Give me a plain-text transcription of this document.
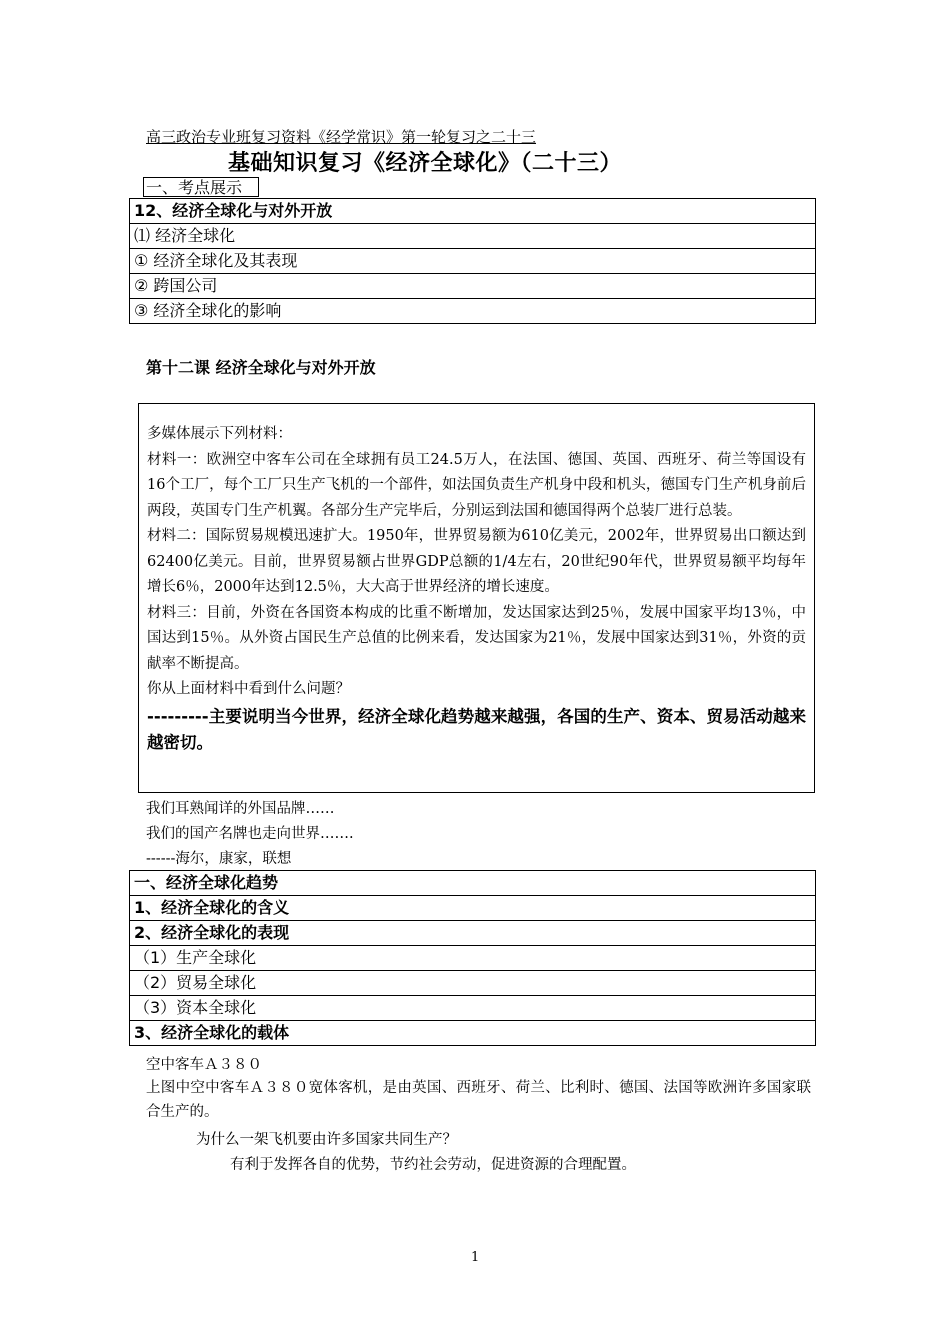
高三政治专业班复习资料《经学常识》第一轮复习之二十三
基础知识复习《经济全球化》（二十三）
一、考点展示
12、经济全球化与对外开放
⑴ 经济全球化
① 经济全球化及其表现
② 跨国公司
③ 经济全球化的影响
第十二课 经济全球化与对外开放

多媒体展示下列材料：

材料一：欧洲空中客车公司在全球拥有员工24.5万人，在法国、德国、英国、西班牙、荷兰等国设有16个工厂，每个工厂只生产飞机的一个部件，如法国负责生产机身中段和机头，德国专门生产机身前后两段，英国专门生产机翼。各部分生产完毕后，分别运到法国和德国得两个总装厂进行总装。

材料二：国际贸易规模迅速扩大。1950年，世界贸易额为610亿美元，2002年，世界贸易出口额达到62400亿美元。目前，世界贸易额占世界GDP总额的1/4左右，20世纪90年代，世界贸易额平均每年增长6％，2000年达到12.5％，大大高于世界经济的增长速度。

材料三：目前，外资在各国资本构成的比重不断增加，发达国家达到25％，发展中国家平均13％，中国达到15％。从外资占国民生产总值的比例来看，发达国家为21％，发展中国家达到31％，外资的贡献率不断提高。

你从上面材料中看到什么问题？

---------主要说明当今世界，经济全球化趋势越来越强，各国的生产、资本、贸易活动越来越密切。

我们耳熟闻详的外国品牌……
我们的国产名牌也走向世界…….
------海尔，康家，联想
一、经济全球化趋势
1、经济全球化的含义
2、经济全球化的表现
（1）生产全球化
（2）贸易全球化
（3）资本全球化
3、经济全球化的载体
空中客车Ａ３８０
上图中空中客车Ａ３８０宽体客机，是由英国、西班牙、荷兰、比利时、德国、法国等欧洲许多国家联合生产的。
为什么一架飞机要由许多国家共同生产？
有利于发挥各自的优势，节约社会劳动，促进资源的合理配置。
1
